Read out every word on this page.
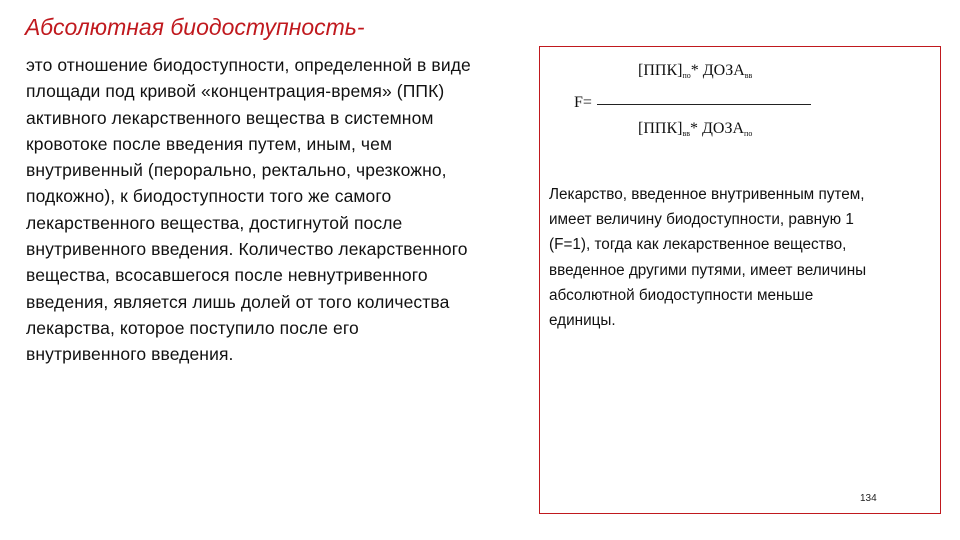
Абсолютная биодоступность-
это отношение биодоступности, определенной в виде
площади под кривой «концентрация-время» (ППК)
активного лекарственного вещества в системном
кровотоке после введения путем, иным, чем
внутривенный (перорально, ректально, чрезкожно,
подкожно), к биодоступности того же самого
лекарственного вещества, достигнутой после
внутривенного введения. Количество лекарственного
вещества, всосавшегося после невнутривенного
введения, является лишь долей от того количества
лекарства, которое поступило после его
внутривенного введения.
$[ППК]_{по}*$ $ДОЗА_{вв}$
F=
$[ППК]_{вв}*$ $ДОЗА_{по}$
Лекарство, введенное внутривенным путем,
имеет величину биодоступности, равную 1
(F=1), тогда как лекарственное вещество,
введенное другими путями, имеет величины
абсолютной биодоступности меньше
единицы.
134
